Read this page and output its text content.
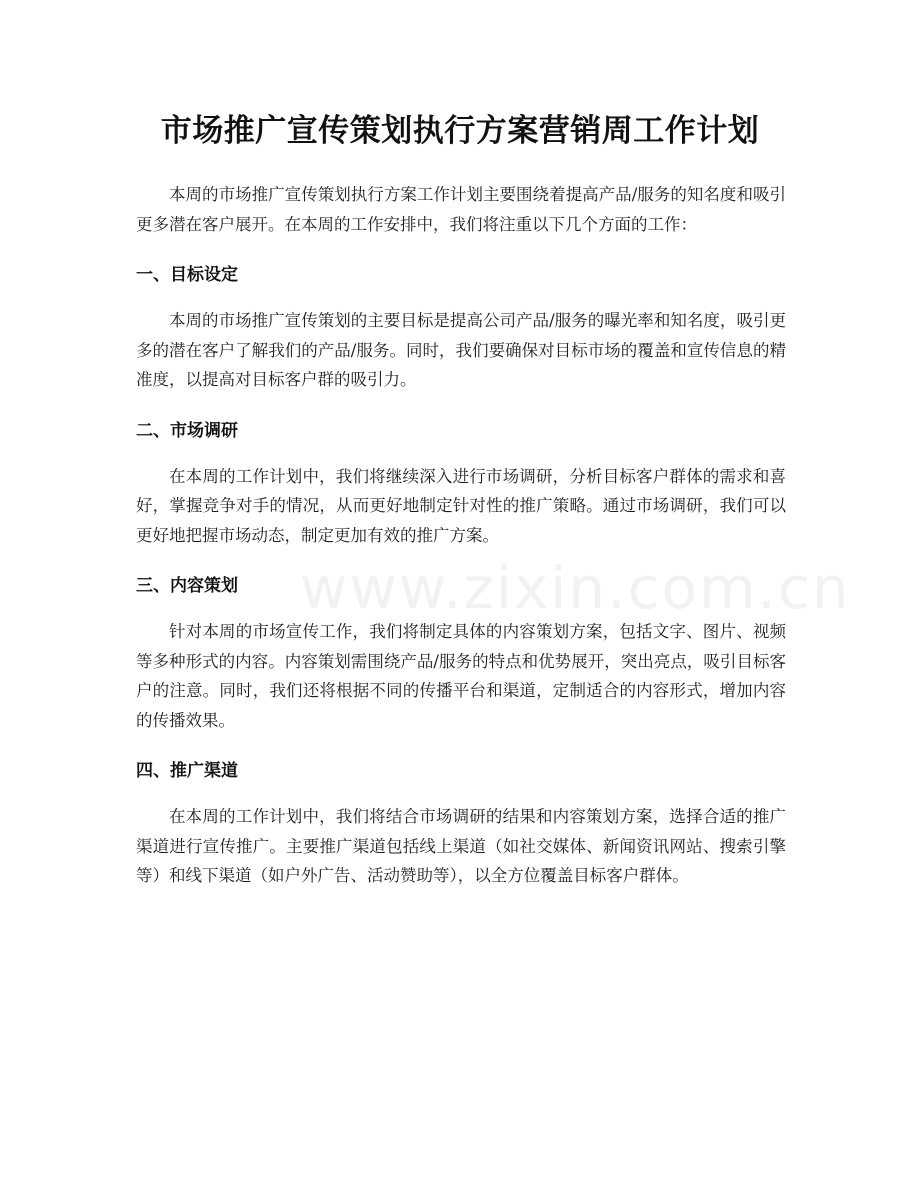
市场推广宣传策划执行方案营销周工作计划

本周的市场推广宣传策划执行方案工作计划主要围绕着提高产品/服务的知名度和吸引更多潜在客户展开。在本周的工作安排中，我们将注重以下几个方面的工作：

一、目标设定

本周的市场推广宣传策划的主要目标是提高公司产品/服务的曝光率和知名度，吸引更多的潜在客户了解我们的产品/服务。同时，我们要确保对目标市场的覆盖和宣传信息的精准度，以提高对目标客户群的吸引力。

二、市场调研

在本周的工作计划中，我们将继续深入进行市场调研，分析目标客户群体的需求和喜好，掌握竞争对手的情况，从而更好地制定针对性的推广策略。通过市场调研，我们可以更好地把握市场动态，制定更加有效的推广方案。

三、内容策划

针对本周的市场宣传工作，我们将制定具体的内容策划方案，包括文字、图片、视频等多种形式的内容。内容策划需围绕产品/服务的特点和优势展开，突出亮点，吸引目标客户的注意。同时，我们还将根据不同的传播平台和渠道，定制适合的内容形式，增加内容的传播效果。

四、推广渠道

在本周的工作计划中，我们将结合市场调研的结果和内容策划方案，选择合适的推广渠道进行宣传推广。主要推广渠道包括线上渠道（如社交媒体、新闻资讯网站、搜索引擎等）和线下渠道（如户外广告、活动赞助等），以全方位覆盖目标客户群体。

www.zixin.com.cn
